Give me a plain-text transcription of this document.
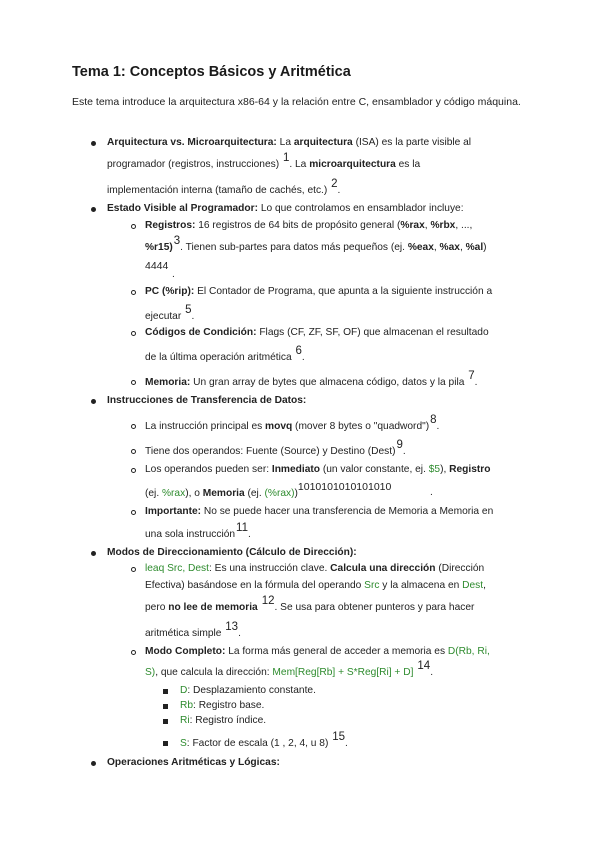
Tema 1: Conceptos Básicos y Aritmética

Este tema introduce la arquitectura x86-64 y la relación entre C, ensamblador y código máquina.

Arquitectura vs. Microarquitectura: La arquitectura (ISA) es la parte visible al
programador (registros, instrucciones) 1. La microarquitectura es la
implementación interna (tamaño de cachés, etc.) 2.
Estado Visible al Programador: Lo que controlamos en ensamblador incluye:
Registros: 16 registros de 64 bits de propósito general (%rax, %rbx, ...,
%r15)3. Tienen sub-partes para datos más pequeños (ej. %eax, %ax, %al)
4444
.
PC (%rip): El Contador de Programa, que apunta a la siguiente instrucción a
ejecutar 5.
Códigos de Condición: Flags (CF, ZF, SF, OF) que almacenan el resultado
de la última operación aritmética 6.
Memoria: Un gran array de bytes que almacena código, datos y la pila 7.
Instrucciones de Transferencia de Datos:
La instrucción principal es movq (mover 8 bytes o "quadword")8.
Tiene dos operandos: Fuente (Source) y Destino (Dest)9.
Los operandos pueden ser: Inmediato (un valor constante, ej. $5), Registro
(ej. %rax), o Memoria (ej. (%rax))1010101010101010	.
Importante: No se puede hacer una transferencia de Memoria a Memoria en
una sola instrucción11.
Modos de Direccionamiento (Cálculo de Dirección):
leaq Src, Dest: Es una instrucción clave. Calcula una dirección (Dirección
Efectiva) basándose en la fórmula del operando Src y la almacena en Dest,
pero no lee de memoria12. Se usa para obtener punteros y para hacer
aritmética simple 13.
Modo Completo: La forma más general de acceder a memoria es D(Rb, Ri,
S), que calcula la dirección: Mem[Reg[Rb] + S*Reg[Ri] + D]14.
D: Desplazamiento constante.
Rb: Registro base.
Ri: Registro índice.
S: Factor de escala (1 , 2, 4, u 8) 15.
Operaciones Aritméticas y Lógicas:
